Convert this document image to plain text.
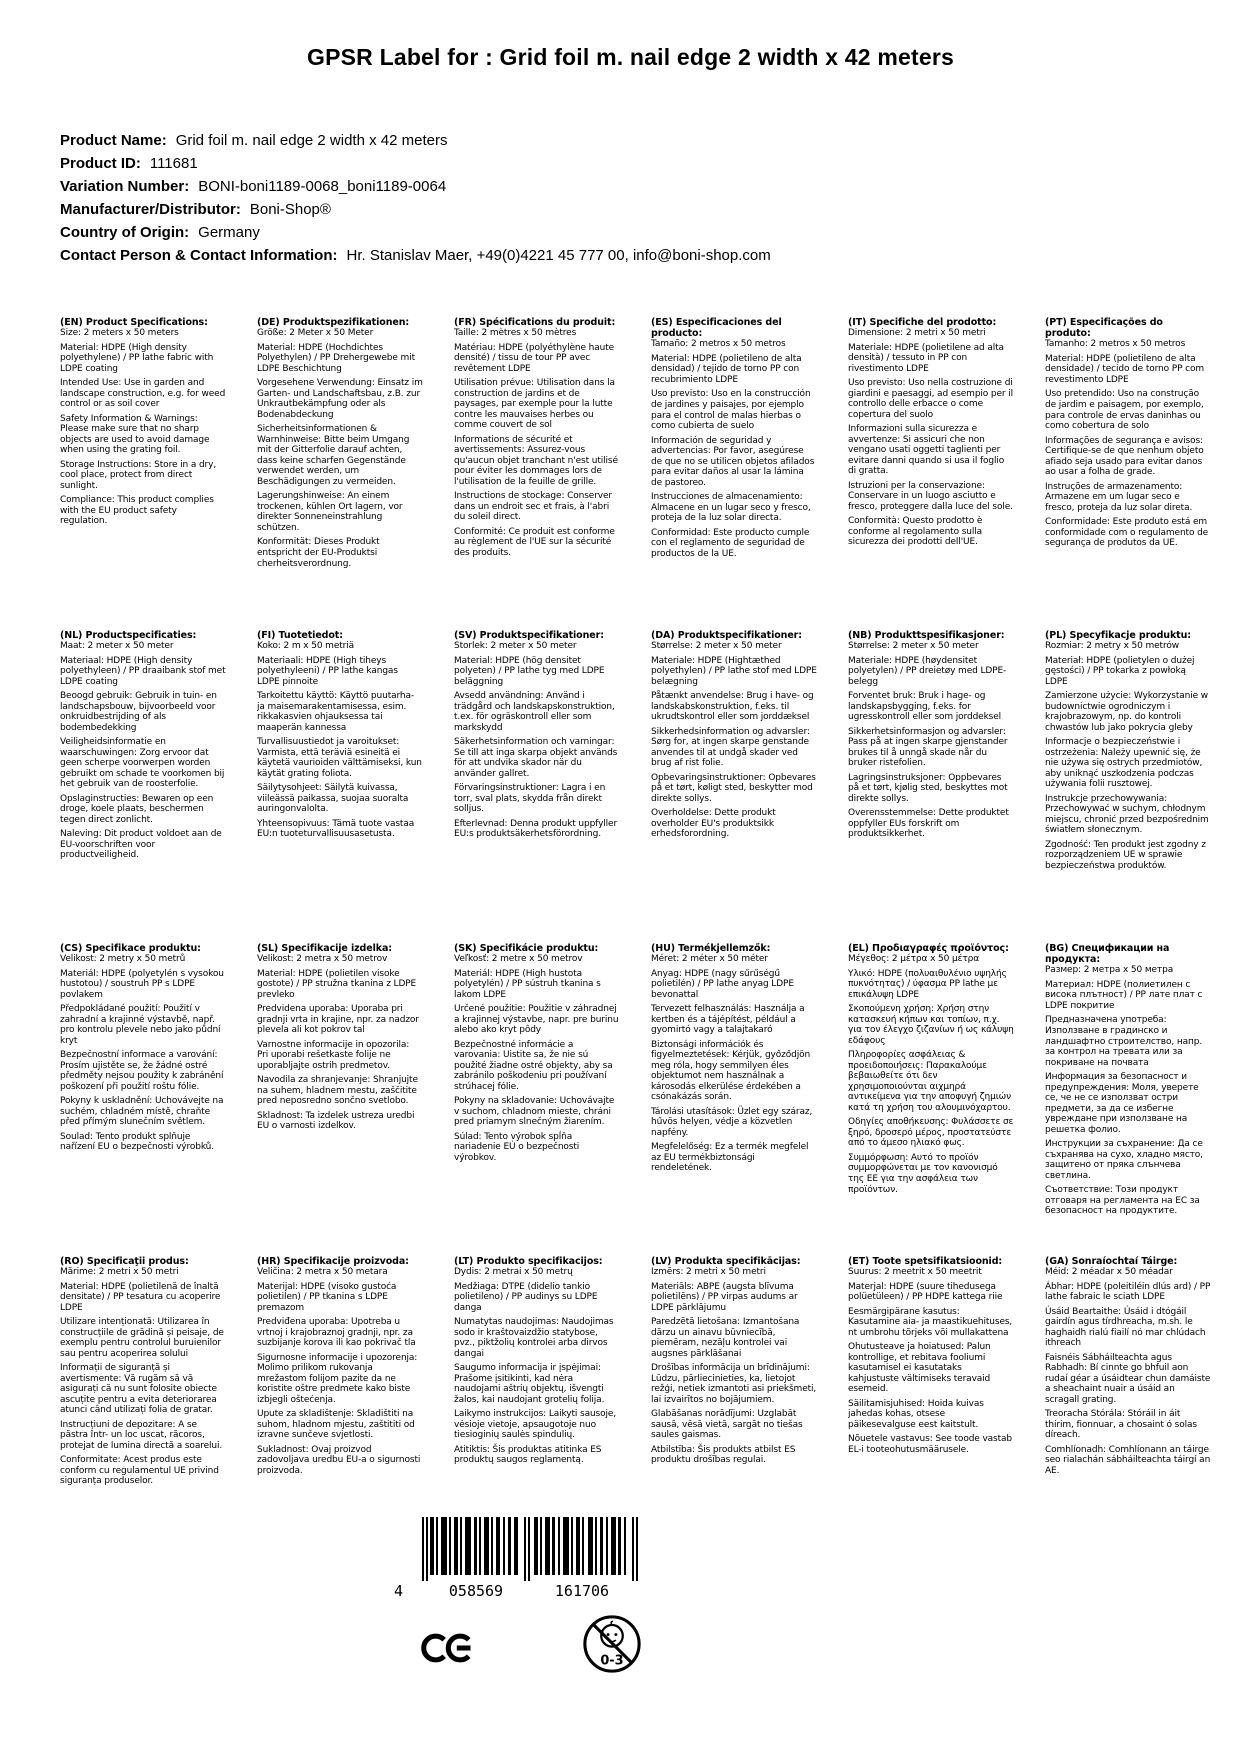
GPSR Label for : Grid foil m. nail edge 2 width x 42 meters
Product Name: Grid foil m. nail edge 2 width x 42 meters
Product ID: 111681
Variation Number: BONI-boni1189-0068_boni1189-0064
Manufacturer/Distributor: Boni-Shop®
Country of Origin: Germany
Contact Person & Contact Information: Hr. Stanislav Maer, +49(0)4221 45 777 00, info@boni-shop.com
(EN) Product Specifications:

Size: 2 meters x 50 meters

Material: HDPE (High density polyethylene) / PP lathe fabric with LDPE coating

Intended Use: Use in garden and landscape construction, e.g. for weed control or as soil cover

Safety Information & Warnings: Please make sure that no sharp objects are used to avoid damage when using the grating foil.

Storage Instructions: Store in a dry, cool place, protect from direct sunlight.

Compliance: This product complies with the EU product safety regulation.

(DE) Produktspezifikationen:

Größe: 2 Meter x 50 Meter

Material: HDPE (Hochdichtes Polyethylen) / PP Drehergewebe mit LDPE Beschichtung

Vorgesehene Verwendung: Einsatz im Garten- und Landschaftsbau, z.B. zur Unkrautbekämpfung oder als Bodenabdeckung

Sicherheitsinformationen & Warnhinweise: Bitte beim Umgang mit der Gitterfolie darauf achten, dass keine scharfen Gegenstände verwendet werden, um Beschädigungen zu vermeiden.

Lagerungshinweise: An einem trockenen, kühlen Ort lagern, vor direkter Sonneneinstrahlung schützen.

Konformität: Dieses Produkt entspricht der EU-Produktsi cherheitsverordnung.

(FR) Spécifications du produit:

Taille: 2 mètres x 50 mètres

Matériau: HDPE (polyéthylène haute densité) / tissu de tour PP avec revêtement LDPE

Utilisation prévue: Utilisation dans la construction de jardins et de paysages, par exemple pour la lutte contre les mauvaises herbes ou comme couvert de sol

Informations de sécurité et avertissements: Assurez-vous qu'aucun objet tranchant n'est utilisé pour éviter les dommages lors de l'utilisation de la feuille de grille.

Instructions de stockage: Conserver dans un endroit sec et frais, à l'abri du soleil direct.

Conformité: Ce produit est conforme au règlement de l'UE sur la sécurité des produits.

(ES) Especificaciones del producto:

Tamaño: 2 metros x 50 metros

Material: HDPE (polietileno de alta densidad) / tejido de torno PP con recubrimiento LDPE

Uso previsto: Uso en la construcción de jardines y paisajes, por ejemplo para el control de malas hierbas o como cubierta de suelo

Información de seguridad y advertencias: Por favor, asegúrese de que no se utilicen objetos afilados para evitar daños al usar la lámina de pastoreo.

Instrucciones de almacenamiento: Almacene en un lugar seco y fresco, proteja de la luz solar directa.

Conformidad: Este producto cumple con el reglamento de seguridad de productos de la UE.

(IT) Specifiche del prodotto:

Dimensione: 2 metri x 50 metri

Materiale: HDPE (polietilene ad alta densità) / tessuto in PP con rivestimento LDPE

Uso previsto: Uso nella costruzione di giardini e paesaggi, ad esempio per il controllo delle erbacce o come copertura del suolo

Informazioni sulla sicurezza e avvertenze: Si assicuri che non vengano usati oggetti taglienti per evitare danni quando si usa il foglio di gratta.

Istruzioni per la conservazione: Conservare in un luogo asciutto e fresco, proteggere dalla luce del sole.

Conformità: Questo prodotto è conforme al regolamento sulla sicurezza dei prodotti dell'UE.

(PT) Especificações do produto:

Tamanho: 2 metros x 50 metros

Material: HDPE (polietileno de alta densidade) / tecido de torno PP com revestimento LDPE

Uso pretendido: Uso na construção de jardim e paisagem, por exemplo, para controle de ervas daninhas ou como cobertura de solo

Informações de segurança e avisos: Certifique-se de que nenhum objeto afiado seja usado para evitar danos ao usar a folha de grade.

Instruções de armazenamento: Armazene em um lugar seco e fresco, proteja da luz solar direta.

Conformidade: Este produto está em conformidade com o regulamento de segurança de produtos da UE.

(NL) Productspecificaties:

Maat: 2 meter x 50 meter

Materiaal: HDPE (High density polyethyleen) / PP draaibank stof met LDPE coating

Beoogd gebruik: Gebruik in tuin- en landschapsbouw, bijvoorbeeld voor onkruidbestrijding of als bodembedekking

Veiligheidsinformatie en waarschuwingen: Zorg ervoor dat geen scherpe voorwerpen worden gebruikt om schade te voorkomen bij het gebruik van de roosterfolie.

Opslaginstructies: Bewaren op een droge, koele plaats, beschermen tegen direct zonlicht.

Naleving: Dit product voldoet aan de EU-voorschriften voor productveiligheid.

(FI) Tuotetiedot:

Koko: 2 m x 50 metriä

Materiaali: HDPE (High tiheys polyethyleeni) / PP lathe kangas LDPE pinnoite

Tarkoitettu käyttö: Käyttö puutarha- ja maisemarakentamisessa, esim. rikkakasvien ohjauksessa tai maaperän kannessa

Turvallisuustiedot ja varoitukset: Varmista, että teräviä esineitä ei käytetä vaurioiden välttämiseksi, kun käytät grating foliota.

Säilytysohjeet: Säilytä kuivassa, viileässä paikassa, suojaa suoralta auringonvalolta.

Yhteensopivuus: Tämä tuote vastaa EU:n tuoteturvallisuusasetusta.

(SV) Produktspecifikationer:

Storlek: 2 meter x 50 meter

Material: HDPE (hög densitet polyeten) / PP lathe tyg med LDPE beläggning

Avsedd användning: Använd i trädgård och landskapskonstruktion, t.ex. för ogräskontroll eller som markskydd

Säkerhetsinformation och varningar: Se till att inga skarpa objekt används för att undvika skador när du använder gallret.

Förvaringsinstruktioner: Lagra i en torr, sval plats, skydda från direkt solljus.

Efterlevnad: Denna produkt uppfyller EU:s produktsäkerhetsförordning.

(DA) Produktspecifikationer:

Størrelse: 2 meter x 50 meter

Materiale: HDPE (Hightæthed polyethylen) / PP lathe stof med LDPE belægning

Påtænkt anvendelse: Brug i have- og landskabskonstruktion, f.eks. til ukrudtskontrol eller som jorddæksel

Sikkerhedsinformation og advarsler: Sørg for, at ingen skarpe genstande anvendes til at undgå skader ved brug af rist folie.

Opbevaringsinstruktioner: Opbevares på et tørt, køligt sted, beskytter mod direkte sollys.

Overholdelse: Dette produkt overholder EU's produktsikk erhedsforordning.

(NB) Produkttspesifikasjoner:

Størrelse: 2 meter x 50 meter

Materiale: HDPE (høydensitet polyetylen) / PP dreietøy med LDPE-belegg

Forventet bruk: Bruk i hage- og landskapsbygging, f.eks. for ugresskontroll eller som jorddeksel

Sikkerhetsinformasjon og advarsler: Pass på at ingen skarpe gjenstander brukes til å unngå skade når du bruker ristefolien.

Lagringsinstruksjoner: Oppbevares på et tørt, kjølig sted, beskyttes mot direkte sollys.

Overensstemmelse: Dette produktet oppfyller EUs forskrift om produktsikkerhet.

(PL) Specyfikacje produktu:

Rozmiar: 2 metry x 50 metrów

Materiał: HDPE (polietylen o dużej gęstości) / PP tokarka z powłoką LDPE

Zamierzone użycie: Wykorzystanie w budownictwie ogrodniczym i krajobrazowym, np. do kontroli chwastów lub jako pokrycia gleby

Informacje o bezpieczeństwie i ostrzeżenia: Należy upewnić się, że nie używa się ostrych przedmiotów, aby uniknąć uszkodzenia podczas używania folii rusztowej.

Instrukcje przechowywania: Przechowywać w suchym, chłodnym miejscu, chronić przed bezpośrednim światłem słonecznym.

Zgodność: Ten produkt jest zgodny z rozporządzeniem UE w sprawie bezpieczeństwa produktów.

(CS) Specifikace produktu:

Velikost: 2 metry x 50 metrů

Materiál: HDPE (polyetylén s vysokou hustotou) / soustruh PP s LDPE povlakem

Předpokládané použití: Použití v zahradní a krajinné výstavbě, např. pro kontrolu plevele nebo jako půdní kryt

Bezpečnostní informace a varování: Prosím ujistěte se, že žádné ostré předměty nejsou použity k zabránění poškození při použití roštu fólie.

Pokyny k uskladnění: Uchovávejte na suchém, chladném místě, chraňte před přímým slunečním světlem.

Soulad: Tento produkt splňuje nařízení EU o bezpečnosti výrobků.

(SL) Specifikacije izdelka:

Velikost: 2 metra x 50 metrov

Material: HDPE (polietilen visoke gostote) / PP stružna tkanina z LDPE prevleko

Predvidena uporaba: Uporaba pri gradnji vrta in krajine, npr. za nadzor plevela ali kot pokrov tal

Varnostne informacije in opozorila: Pri uporabi rešetkaste folije ne uporabljajte ostrih predmetov.

Navodila za shranjevanje: Shranjujte na suhem, hladnem mestu, zaščitite pred neposredno sončno svetlobo.

Skladnost: Ta izdelek ustreza uredbi EU o varnosti izdelkov.

(SK) Špecifikácie produktu:

Veľkosť: 2 metre x 50 metrov

Materiál: HDPE (High hustota polyetylén) / PP sústruh tkanina s lakom LDPE

Určené použitie: Použitie v záhradnej a krajinnej výstavbe, napr. pre burinu alebo ako kryt pôdy

Bezpečnostné informácie a varovania: Uistite sa, že nie sú použité žiadne ostré objekty, aby sa zabránilo poškodeniu pri používaní strúhacej fólie.

Pokyny na skladovanie: Uchovávajte v suchom, chladnom mieste, chráni pred priamym slnečným žiarením.

Súlad: Tento výrobok spĺňa nariadenie EÚ o bezpečnosti výrobkov.

(HU) Termékjellemzők:

Méret: 2 méter x 50 méter

Anyag: HDPE (nagy sűrűségű polietilén) / PP lathe anyag LDPE bevonattal

Tervezett felhasználás: Használja a kertben és a tájépítést, például a gyomirtó vagy a talajtakaró

Biztonsági információk és figyelmeztetések: Kérjük, győződjön meg róla, hogy semmilyen éles objektumot nem használnak a károsodás elkerülése érdekében a csónakázás során.

Tárolási utasítások: Üzlet egy száraz, hűvös helyen, védje a közvetlen napfény.

Megfelelőség: Ez a termék megfelel az EU termékbiztonsági rendeletének.

(EL) Προδιαγραφές προϊόντος:

Μέγεθος: 2 μέτρα x 50 μέτρα

Υλικό: HDPE (πολυαιθυλένιο υψηλής πυκνότητας) / ύφασμα PP lathe με επικάλυψη LDPE

Σκοπούμενη χρήση: Χρήση στην κατασκευή κήπων και τοπίων, π.χ. για τον έλεγχο ζιζανίων ή ως κάλυψη εδάφους

Πληροφορίες ασφάλειας & προειδοποιήσεις: Παρακαλούμε βεβαιωθείτε ότι δεν χρησιμοποιούνται αιχμηρά αντικείμενα για την αποφυγή ζημιών κατά τη χρήση του αλουμινόχαρτου.

Οδηγίες αποθήκευσης: Φυλάσσετε σε ξηρό, δροσερό μέρος, προστατεύστε από το άμεσο ηλιακό φως.

Συμμόρφωση: Αυτό το προϊόν συμμορφώνεται με τον κανονισμό της ΕΕ για την ασφάλεια των προϊόντων.

(BG) Спецификации на продукта:

Размер: 2 метра x 50 метра

Материал: HDPE (полиетилен с висока плътност) / PP лате плат с LDPE покритие

Предназначена употреба: Използване в градинско и ландшафтно строителство, напр. за контрол на тревата или за покриване на почвата

Информация за безопасност и предупреждения: Моля, уверете се, че не се използват остри предмети, за да се избегне увреждане при използване на решетка фолио.

Инструкции за съхранение: Да се съхранява на сухо, хладно място, защитено от пряка слънчева светлина.

Съответствие: Този продукт отговаря на регламента на ЕС за безопасност на продуктите.

(RO) Specificaţii produs:

Mărime: 2 metri x 50 metri

Material: HDPE (polietilenă de înaltă densitate) / PP tesatura cu acoperire LDPE

Utilizare intenționată: Utilizarea în construcțiile de grădină și peisaje, de exemplu pentru controlul buruienilor sau pentru acoperirea solului

Informații de siguranță și avertismente: Vă rugăm să vă asigurați că nu sunt folosite obiecte ascuțite pentru a evita deteriorarea atunci când utilizați folia de gratar.

Instrucțiuni de depozitare: A se păstra într- un loc uscat, răcoros, protejat de lumina directă a soarelui.

Conformitate: Acest produs este conform cu regulamentul UE privind siguranța produselor.

(HR) Specifikacije proizvoda:

Veličina: 2 metra x 50 metara

Materijal: HDPE (visoko gustoća polietilen) / PP tkanina s LDPE premazom

Predviđena uporaba: Upotreba u vrtnoj i krajobraznoj gradnji, npr. za suzbijanje korova ili kao pokrivač tla

Sigurnosne informacije i upozorenja: Molimo prilikom rukovanja mrežastom folijom pazite da ne koristite oštre predmete kako biste izbjegli oštećenja.

Upute za skladištenje: Skladištiti na suhom, hladnom mjestu, zaštititi od izravne sunčeve svjetlosti.

Sukladnost: Ovaj proizvod zadovoljava uredbu EU-a o sigurnosti proizvoda.

(LT) Produkto specifikacijos:

Dydis: 2 metrai x 50 metrų

Medžiaga: DTPE (didelio tankio polietileno) / PP audinys su LDPE danga

Numatytas naudojimas: Naudojimas sodo ir kraštovaizdžio statybose, pvz., piktžolių kontrolei arba dirvos dangai

Saugumo informacija ir įspėjimai: Prašome įsitikinti, kad nėra naudojami aštrių objektų, išvengti žalos, kai naudojant grotelių folija.

Laikymo instrukcijos: Laikyti sausoje, vėsioje vietoje, apsaugotoje nuo tiesioginių saulės spindulių.

Atitiktis: Šis produktas atitinka ES produktų saugos reglamentą.

(LV) Produkta specifikācijas:

Izmērs: 2 metri x 50 metri

Materiāls: ABPE (augsta blīvuma polietilēns) / PP virpas audums ar LDPE pārklājumu

Paredzētā lietošana: Izmantošana dārzu un ainavu būvniecībā, piemēram, nezāļu kontrolei vai augsnes pārklāšanai

Drošības informācija un brīdinājumi: Lūdzu, pārliecinieties, ka, lietojot režģi, netiek izmantoti asi priekšmeti, lai izvairītos no bojājumiem.

Glabāšanas norādījumi: Uzglabāt sausā, vēsā vietā, sargāt no tiešas saules gaismas.

Atbilstība: Šis produkts atbilst ES produktu drošības regulai.

(ET) Toote spetsifikatsioonid:

Suurus: 2 meetrit x 50 meetrit

Materjal: HDPE (suure tihedusega polüetüleen) / PP HDPE kattega riie

Eesmärgipärane kasutus: Kasutamine aia- ja maastikuehituses, nt umbrohu tõrjeks või mullakattena

Ohutusteave ja hoiatused: Palun kontrollige, et rebitava fooliumi kasutamisel ei kasutataks kahjustuste vältimiseks teravaid esemeid.

Säilitamisjuhised: Hoida kuivas jahedas kohas, otsese päikesevalguse eest kaitstult.

Nõuetele vastavus: See toode vastab EL-i tooteohutusmäärusele.

(GA) Sonraíochtaí Táirge:

Méid: 2 méadar x 50 méadar

Ábhar: HDPE (poleitiléin dlús ard) / PP lathe fabraic le sciath LDPE

Úsáid Beartaithe: Úsáid i dtógáil gairdín agus tírdhreacha, m.sh. le haghaidh rialú fiailí nó mar chlúdach ithreach

Faisnéis Sábháilteachta agus Rabhadh: Bí cinnte go bhfuil aon rudaí géar a úsáidtear chun damáiste a sheachaint nuair a úsáid an scragall grating.

Treoracha Stórála: Stóráil in áit thirim, fionnuar, a chosaint ó solas díreach.

Comhlíonadh: Comhlíonann an táirge seo rialachán sábháilteachta táirgí an AE.

4	058569	161706
0-3
